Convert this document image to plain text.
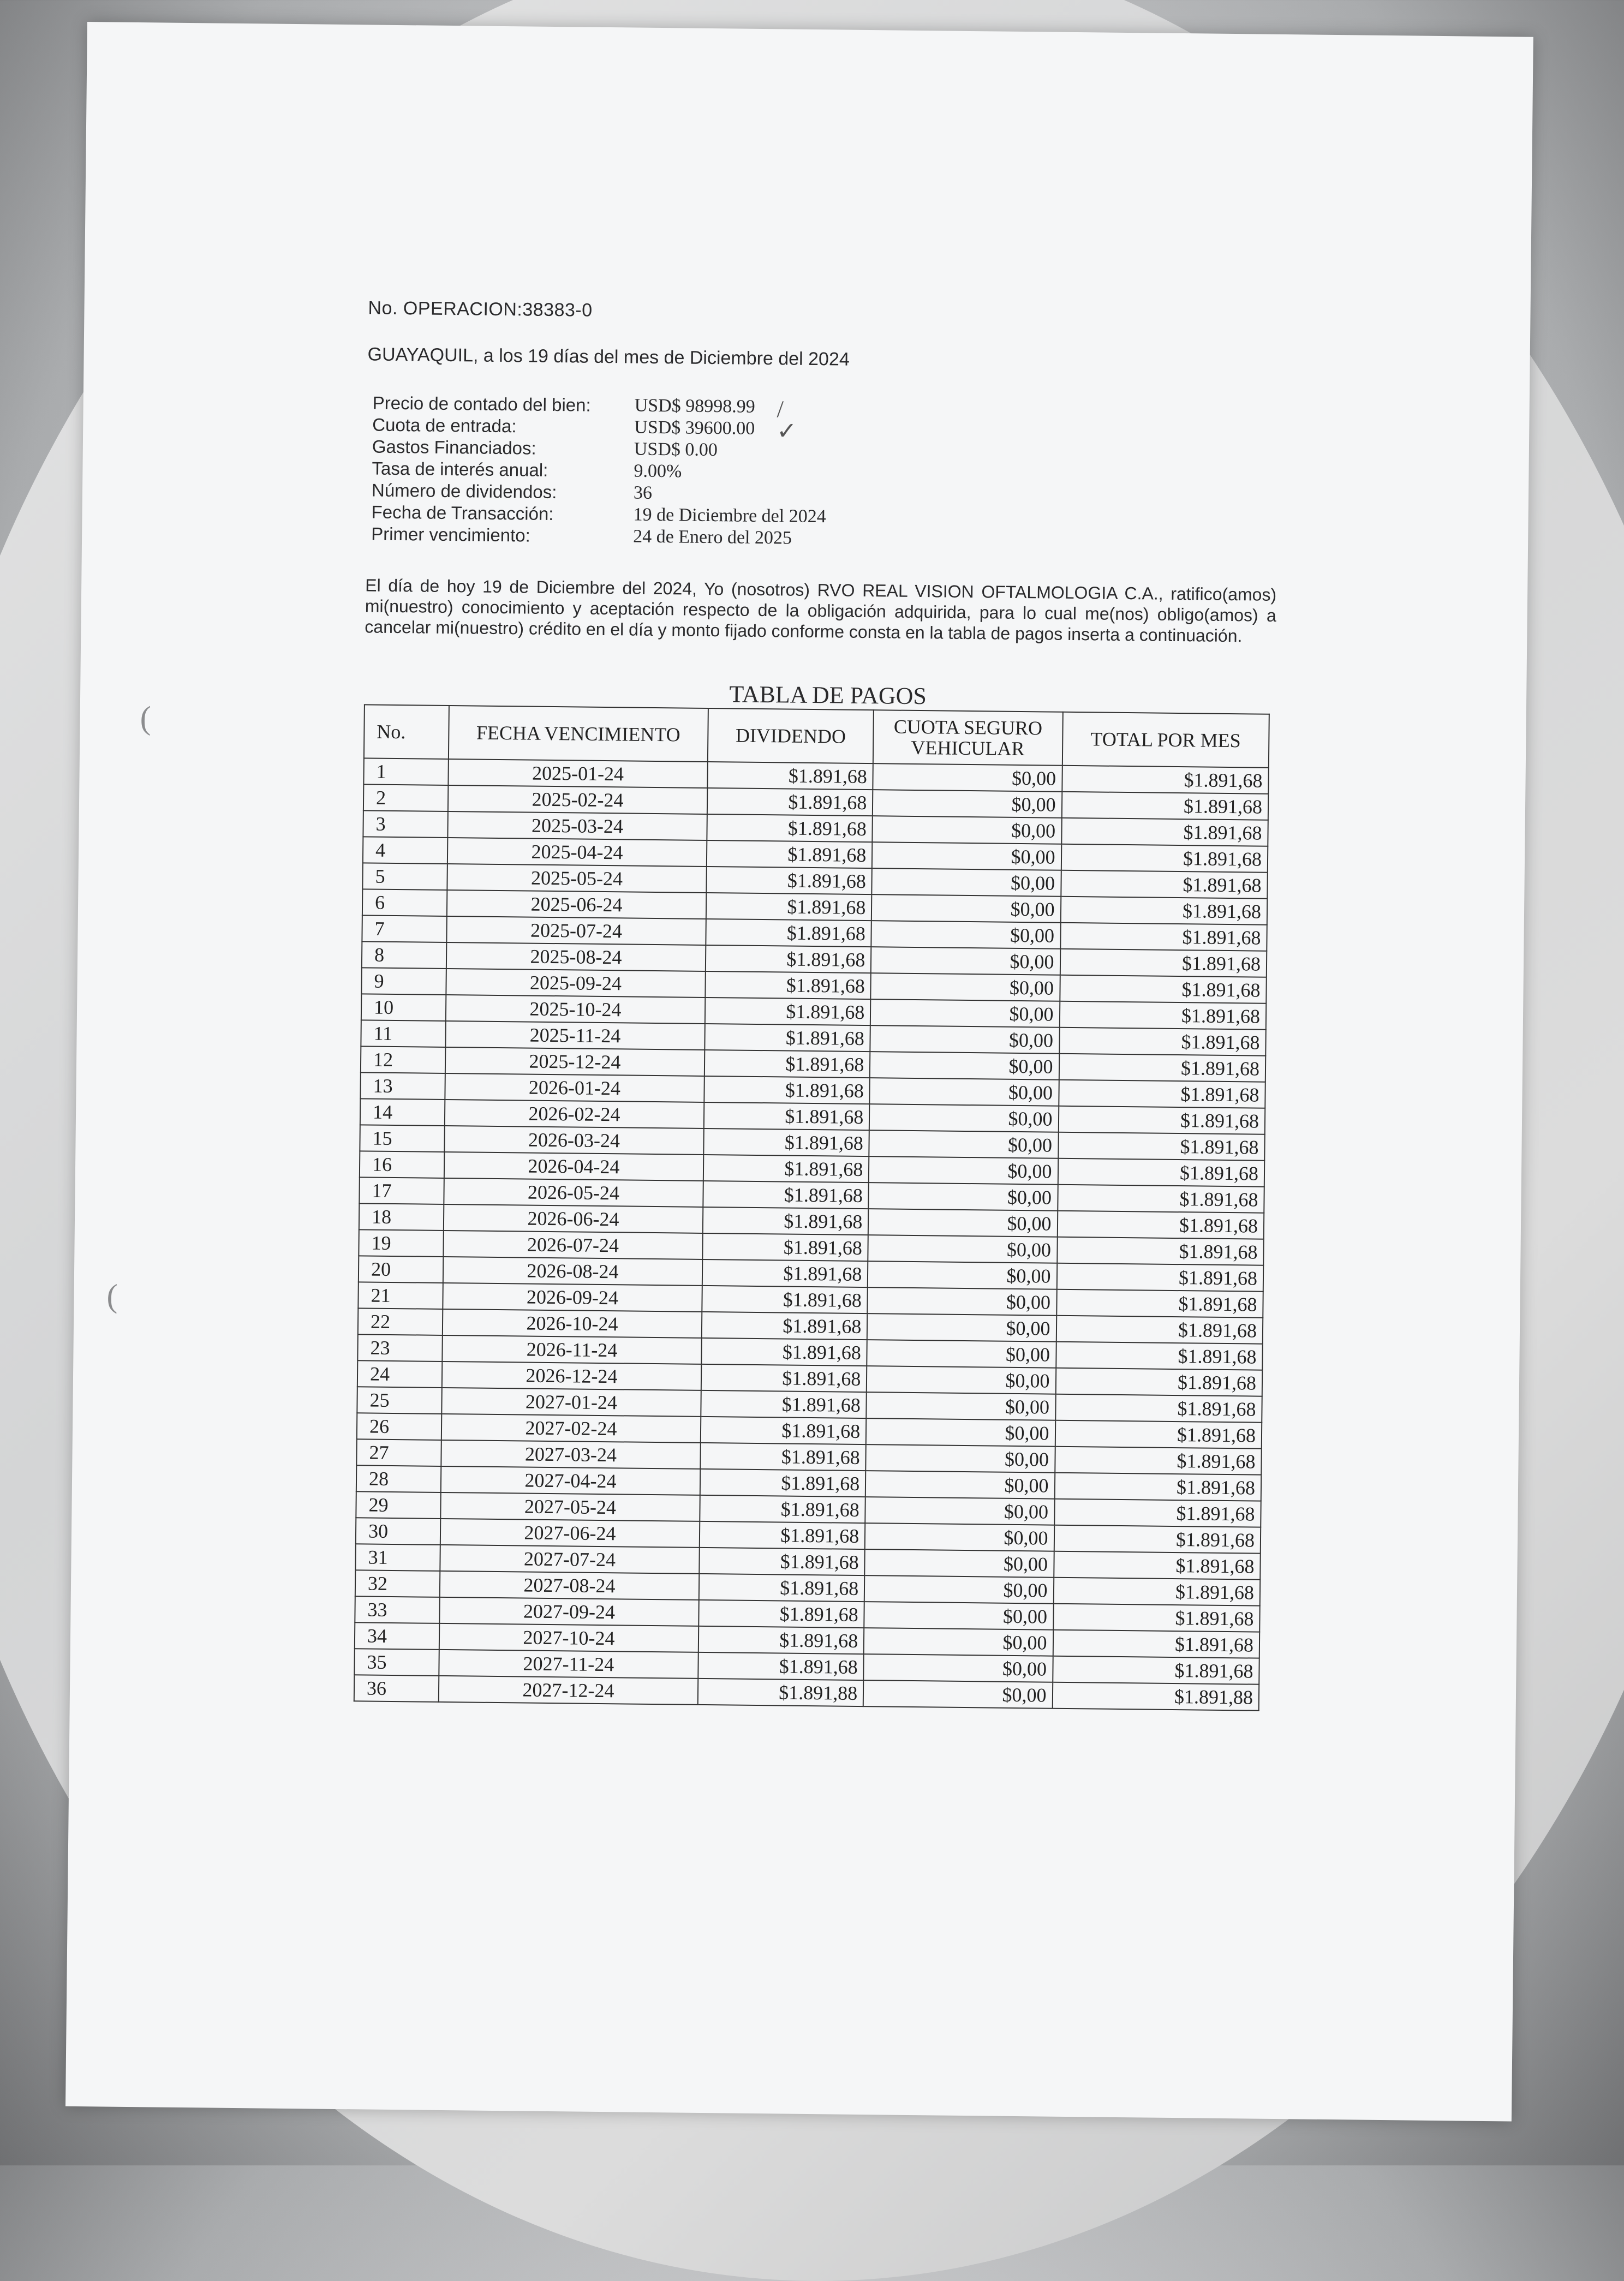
(
(
No. OPERACION:38383-0
GUAYAQUIL, a los 19 días del mes de Diciembre del 2024
Precio de contado del bien:	USD$ 98998.99 /
Cuota de entrada:	USD$ 39600.00 ✓
Gastos Financiados:	USD$ 0.00
Tasa de interés anual:	9.00%
Número de dividendos:	36
Fecha de Transacción:	19 de Diciembre del 2024
Primer vencimiento:	24 de Enero del 2025
El día de hoy 19 de Diciembre del 2024, Yo (nosotros) RVO REAL VISION OFTALMOLOGIA C.A., ratifico(amos) mi(nuestro) conocimiento y aceptación respecto de la obligación adquirida, para lo cual me(nos) obligo(amos) a cancelar mi(nuestro) crédito en el día y monto fijado conforme consta en la tabla de pagos inserta a continuación.
TABLA DE PAGOS
No.	FECHA VENCIMIENTO	DIVIDENDO	CUOTA SEGURO VEHICULAR	TOTAL POR MES
1	2025-01-24	$1.891,68	$0,00	$1.891,68
2	2025-02-24	$1.891,68	$0,00	$1.891,68
3	2025-03-24	$1.891,68	$0,00	$1.891,68
4	2025-04-24	$1.891,68	$0,00	$1.891,68
5	2025-05-24	$1.891,68	$0,00	$1.891,68
6	2025-06-24	$1.891,68	$0,00	$1.891,68
7	2025-07-24	$1.891,68	$0,00	$1.891,68
8	2025-08-24	$1.891,68	$0,00	$1.891,68
9	2025-09-24	$1.891,68	$0,00	$1.891,68
10	2025-10-24	$1.891,68	$0,00	$1.891,68
11	2025-11-24	$1.891,68	$0,00	$1.891,68
12	2025-12-24	$1.891,68	$0,00	$1.891,68
13	2026-01-24	$1.891,68	$0,00	$1.891,68
14	2026-02-24	$1.891,68	$0,00	$1.891,68
15	2026-03-24	$1.891,68	$0,00	$1.891,68
16	2026-04-24	$1.891,68	$0,00	$1.891,68
17	2026-05-24	$1.891,68	$0,00	$1.891,68
18	2026-06-24	$1.891,68	$0,00	$1.891,68
19	2026-07-24	$1.891,68	$0,00	$1.891,68
20	2026-08-24	$1.891,68	$0,00	$1.891,68
21	2026-09-24	$1.891,68	$0,00	$1.891,68
22	2026-10-24	$1.891,68	$0,00	$1.891,68
23	2026-11-24	$1.891,68	$0,00	$1.891,68
24	2026-12-24	$1.891,68	$0,00	$1.891,68
25	2027-01-24	$1.891,68	$0,00	$1.891,68
26	2027-02-24	$1.891,68	$0,00	$1.891,68
27	2027-03-24	$1.891,68	$0,00	$1.891,68
28	2027-04-24	$1.891,68	$0,00	$1.891,68
29	2027-05-24	$1.891,68	$0,00	$1.891,68
30	2027-06-24	$1.891,68	$0,00	$1.891,68
31	2027-07-24	$1.891,68	$0,00	$1.891,68
32	2027-08-24	$1.891,68	$0,00	$1.891,68
33	2027-09-24	$1.891,68	$0,00	$1.891,68
34	2027-10-24	$1.891,68	$0,00	$1.891,68
35	2027-11-24	$1.891,68	$0,00	$1.891,68
36	2027-12-24	$1.891,88	$0,00	$1.891,88
